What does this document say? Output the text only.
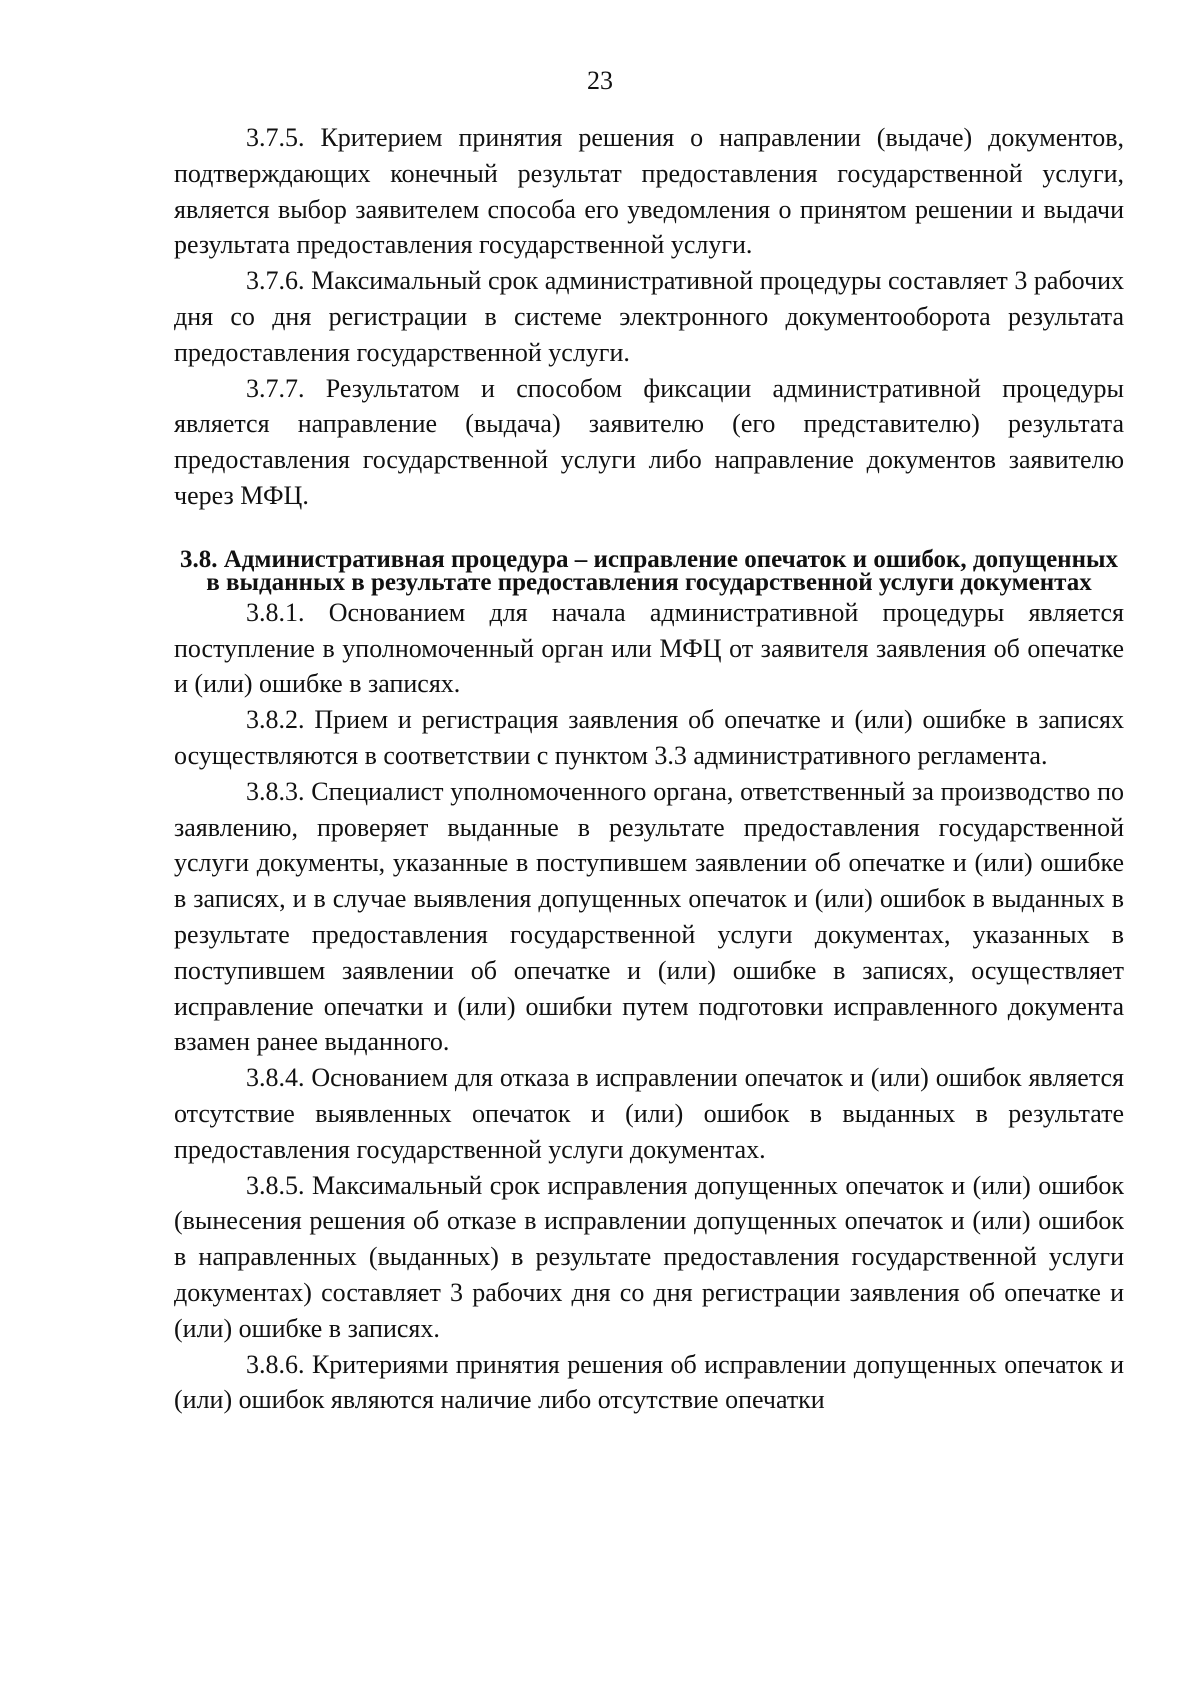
23

3.7.5. Критерием принятия решения о направлении (выдаче) документов, подтверждающих конечный результат предоставления государственной услуги, является выбор заявителем способа его уведомления о принятом решении и выдачи результата предоставления государственной услуги.

3.7.6. Максимальный срок административной процедуры составляет 3 рабочих дня со дня регистрации в системе электронного документооборота результата предоставления государственной услуги.

3.7.7. Результатом и способом фиксации административной процедуры является направление (выдача) заявителю (его представителю) результата предоставления государственной услуги либо направление документов заявителю через МФЦ.

3.8. Административная процедура – исправление опечаток и ошибок, допущенных в выданных в результате предоставления государственной услуги документах

3.8.1. Основанием для начала административной процедуры является поступление в уполномоченный орган или МФЦ от заявителя заявления об опечатке и (или) ошибке в записях.

3.8.2. Прием и регистрация заявления об опечатке и (или) ошибке в записях осуществляются в соответствии с пунктом 3.3 административного регламента.

3.8.3. Специалист уполномоченного органа, ответственный за производство по заявлению, проверяет выданные в результате предоставления государственной услуги документы, указанные в поступившем заявлении об опечатке и (или) ошибке в записях, и в случае выявления допущенных опечаток и (или) ошибок в выданных в результате предоставления государственной услуги документах, указанных в поступившем заявлении об опечатке и (или) ошибке в записях, осуществляет исправление опечатки и (или) ошибки путем подготовки исправленного документа взамен ранее выданного.

3.8.4. Основанием для отказа в исправлении опечаток и (или) ошибок является отсутствие выявленных опечаток и (или) ошибок в выданных в результате предоставления государственной услуги документах.

3.8.5. Максимальный срок исправления допущенных опечаток и (или) ошибок (вынесения решения об отказе в исправлении допущенных опечаток и (или) ошибок в направленных (выданных) в результате предоставления государственной услуги документах) составляет 3 рабочих дня со дня регистрации заявления об опечатке и (или) ошибке в записях.

3.8.6. Критериями принятия решения об исправлении допущенных опечаток и (или) ошибок являются наличие либо отсутствие опечатки
